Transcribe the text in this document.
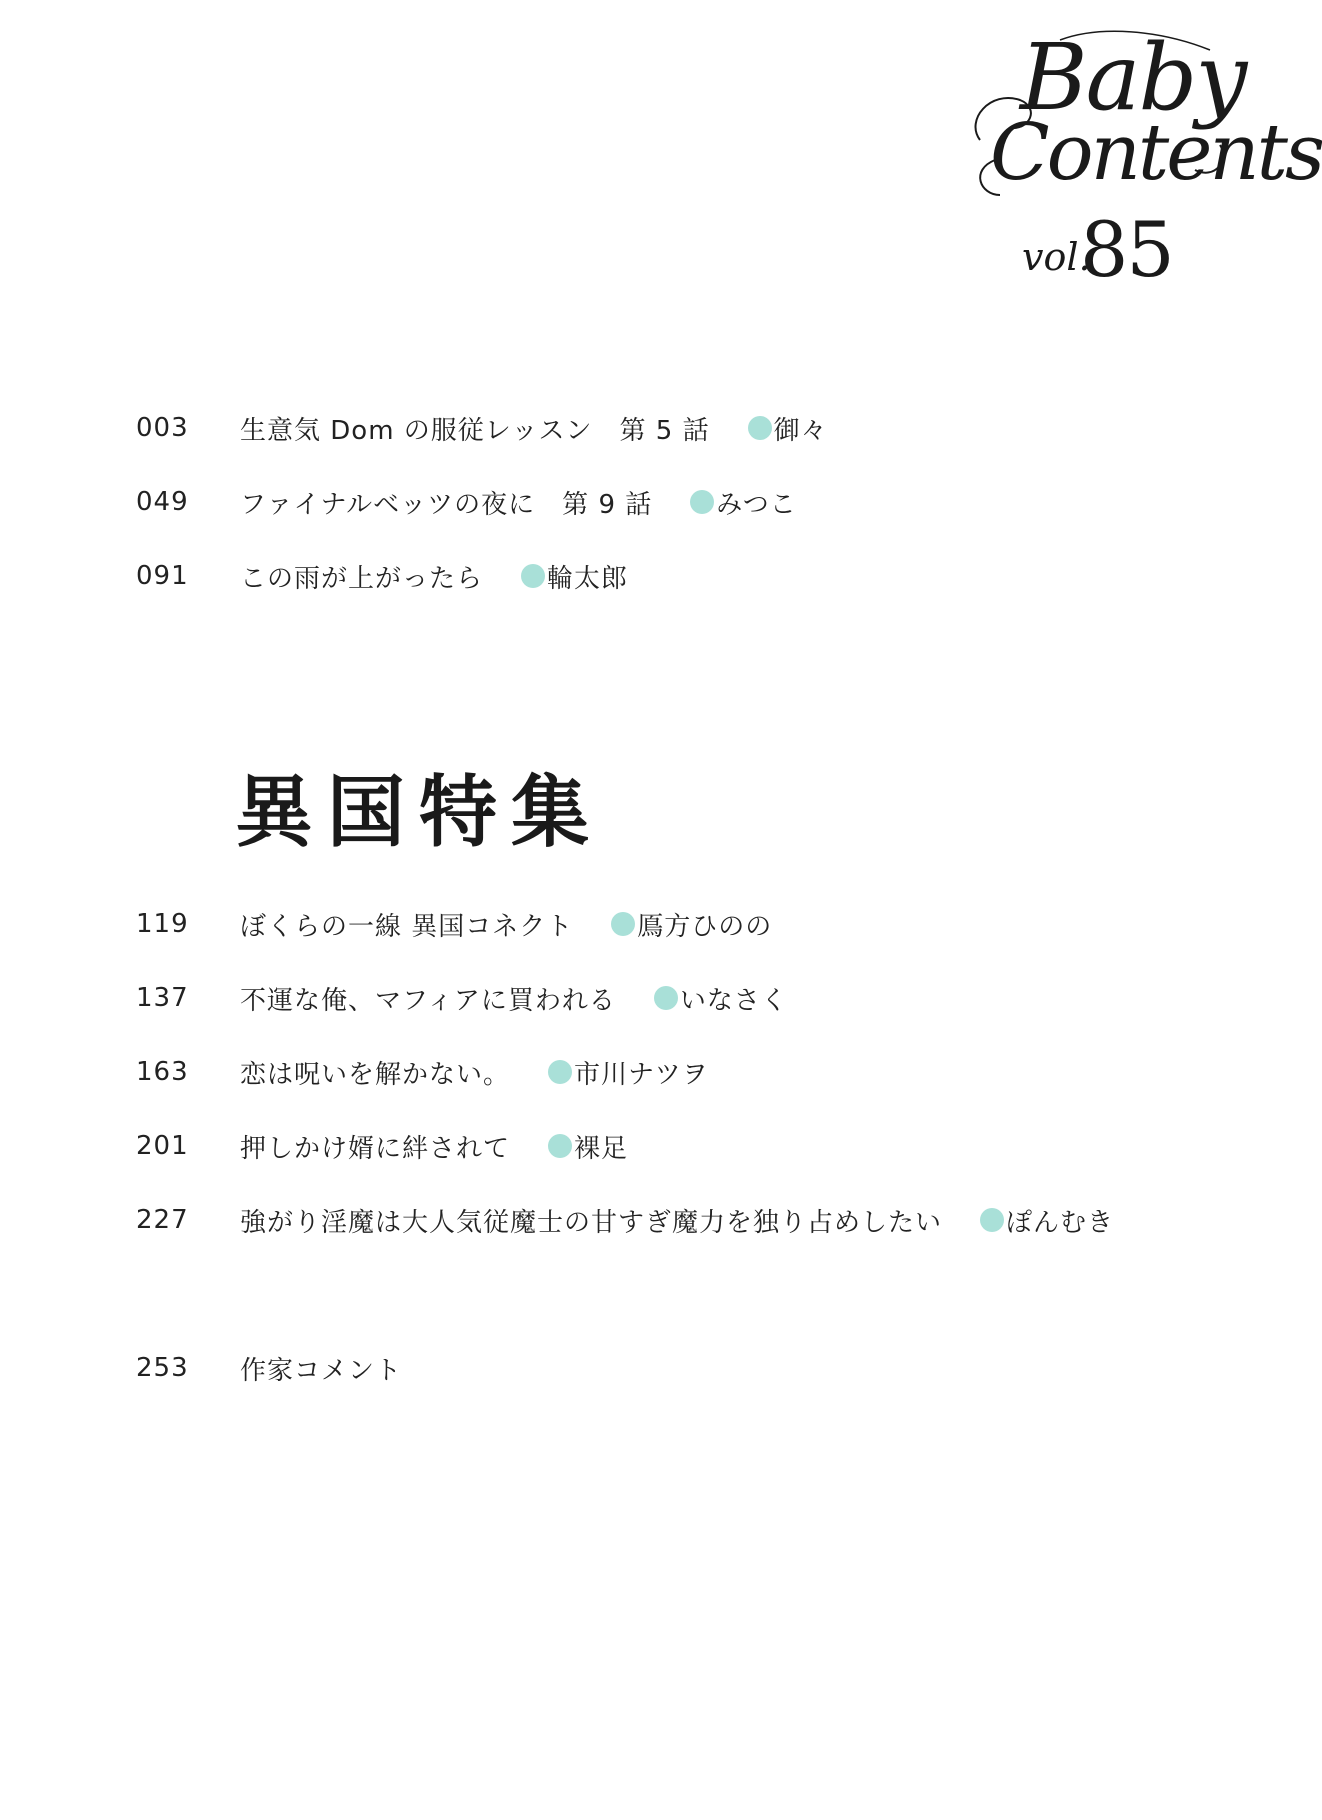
Baby
Contents
vol.
85
003	生意気 Dom の服従レッスン　第 5 話 御々
049	ファイナルベッツの夜に　第 9 話 みつこ
091	この雨が上がったら 輪太郎
異国特集
119	ぼくらの一線 異国コネクト 鳫方ひのの
137	不運な俺、マフィアに買われる いなさく
163	恋は呪いを解かない。 市川ナツヲ
201	押しかけ婿に絆されて 裸足
227	強がり淫魔は大人気従魔士の甘すぎ魔力を独り占めしたい ぽんむき
253	作家コメント
